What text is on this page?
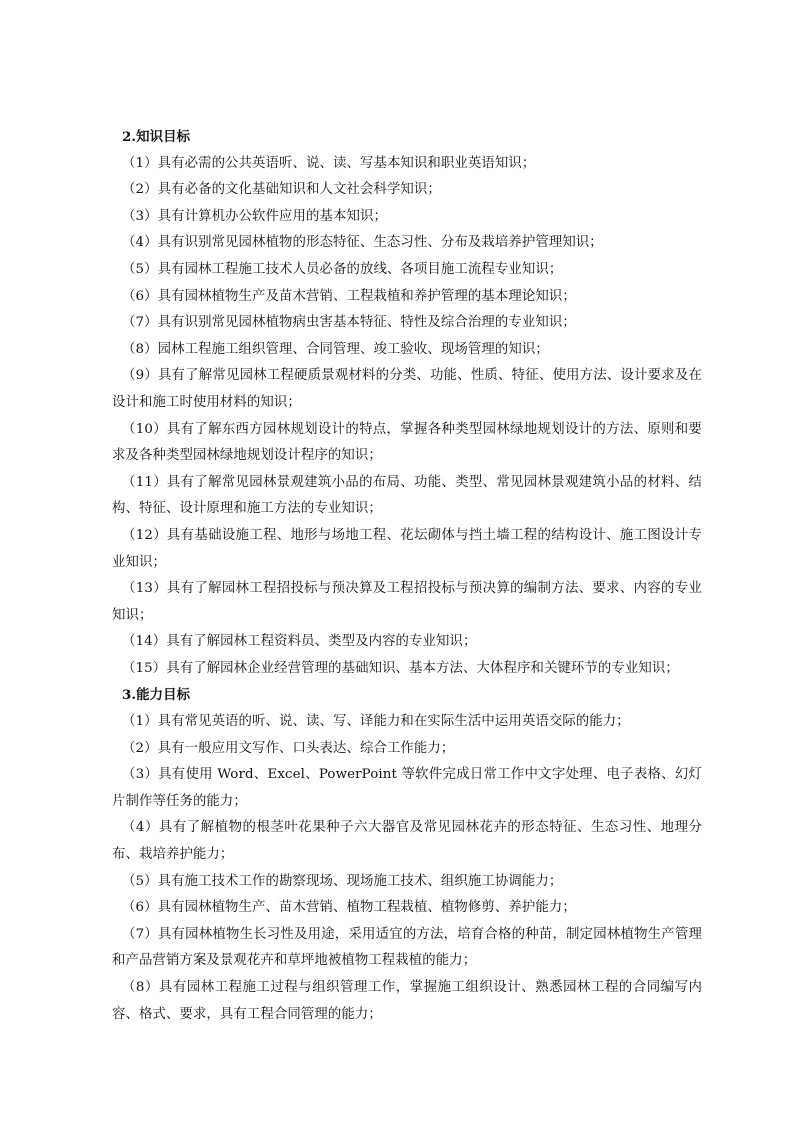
2.知识目标

（1）具有必需的公共英语听、说、读、写基本知识和职业英语知识；

（2）具有必备的文化基础知识和人文社会科学知识；

（3）具有计算机办公软件应用的基本知识；

（4）具有识别常见园林植物的形态特征、生态习性、分布及栽培养护管理知识；

（5）具有园林工程施工技术人员必备的放线、各项目施工流程专业知识；

（6）具有园林植物生产及苗木营销、工程栽植和养护管理的基本理论知识；

（7）具有识别常见园林植物病虫害基本特征、特性及综合治理的专业知识；

（8）园林工程施工组织管理、合同管理、竣工验收、现场管理的知识；

（9）具有了解常见园林工程硬质景观材料的分类、功能、性质、特征、使用方法、设计要求及在设计和施工时使用材料的知识；

（10）具有了解东西方园林规划设计的特点，掌握各种类型园林绿地规划设计的方法、原则和要求及各种类型园林绿地规划设计程序的知识；

（11）具有了解常见园林景观建筑小品的布局、功能、类型、常见园林景观建筑小品的材料、结构、特征、设计原理和施工方法的专业知识；

（12）具有基础设施工程、地形与场地工程、花坛砌体与挡土墙工程的结构设计、施工图设计专业知识；

（13）具有了解园林工程招投标与预决算及工程招投标与预决算的编制方法、要求、内容的专业知识；

（14）具有了解园林工程资料员、类型及内容的专业知识；

（15）具有了解园林企业经营管理的基础知识、基本方法、大体程序和关键环节的专业知识；

3.能力目标

（1）具有常见英语的听、说、读、写、译能力和在实际生活中运用英语交际的能力；

（2）具有一般应用文写作、口头表达、综合工作能力；

（3）具有使用 Word、Excel、PowerPoint 等软件完成日常工作中文字处理、电子表格、幻灯片制作等任务的能力；

（4）具有了解植物的根茎叶花果种子六大器官及常见园林花卉的形态特征、生态习性、地理分布、栽培养护能力；

（5）具有施工技术工作的勘察现场、现场施工技术、组织施工协调能力；

（6）具有园林植物生产、苗木营销、植物工程栽植、植物修剪、养护能力；

（7）具有园林植物生长习性及用途，采用适宜的方法，培育合格的种苗，制定园林植物生产管理和产品营销方案及景观花卉和草坪地被植物工程栽植的能力；

（8）具有园林工程施工过程与组织管理工作，掌握施工组织设计、熟悉园林工程的合同编写内容、格式、要求，具有工程合同管理的能力；
